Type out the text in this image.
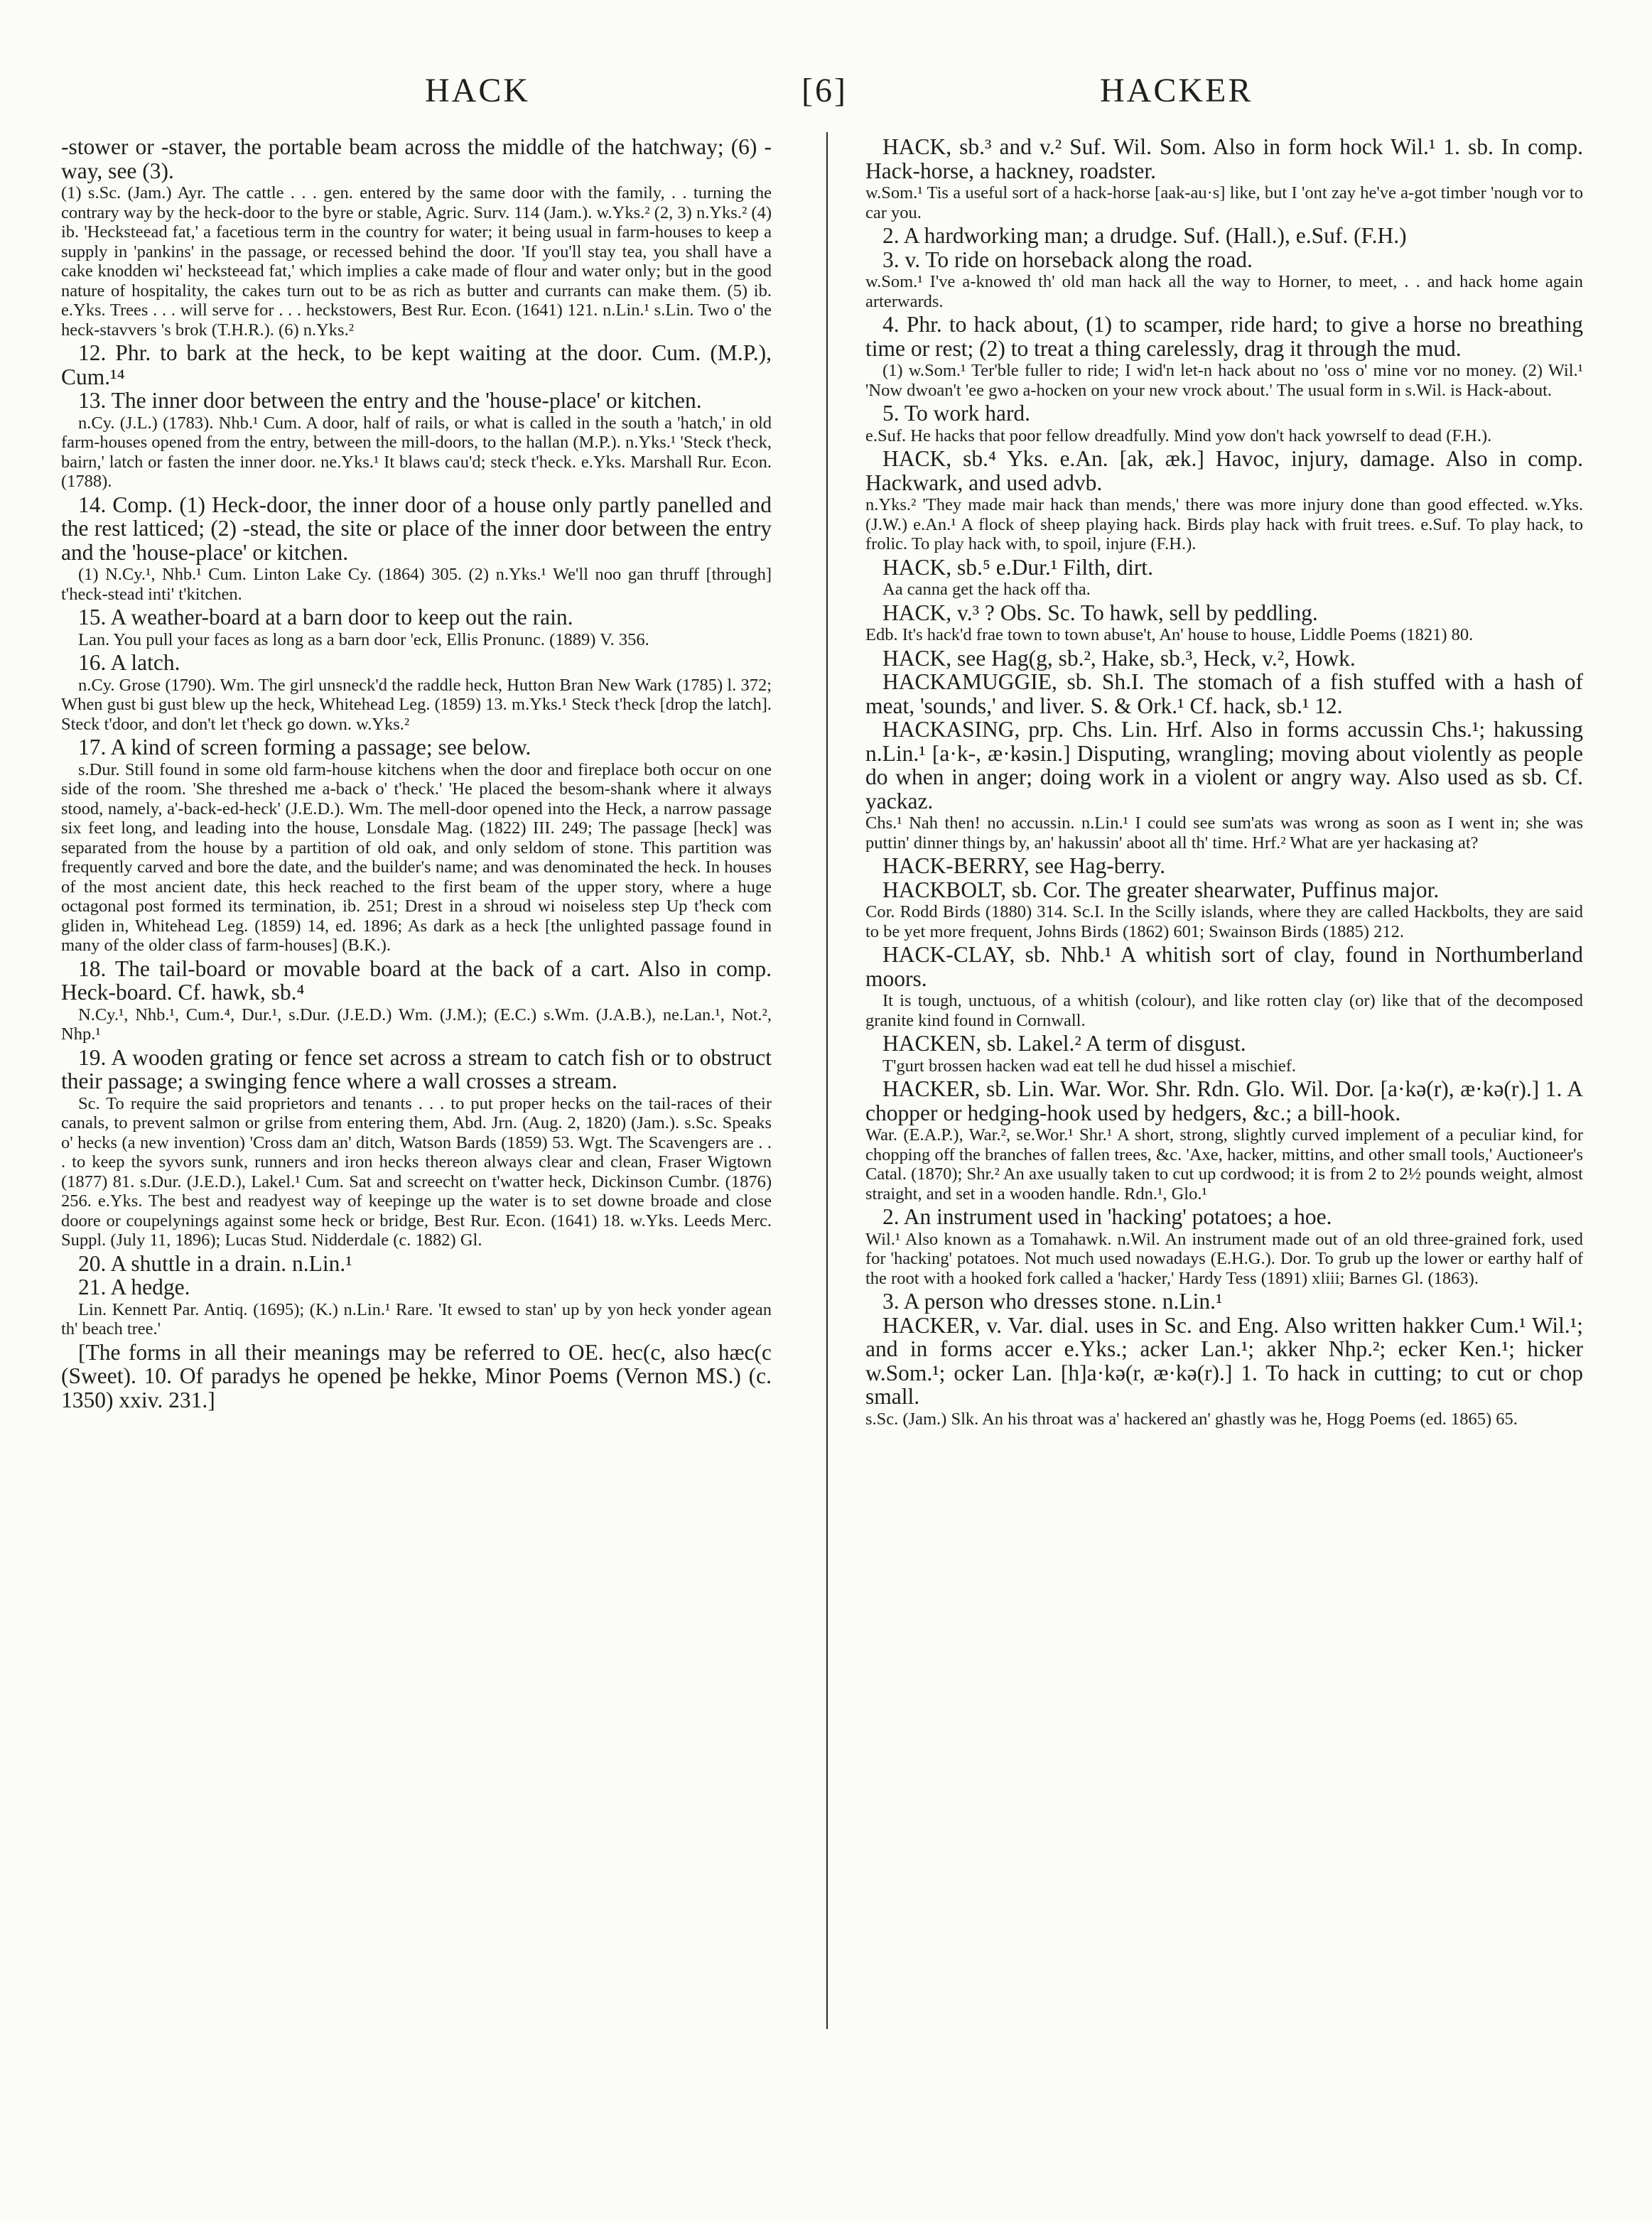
HACK	[6]	HACKER

-stower or -staver, the portable beam across the middle of the hatchway; (6) -way, see (3).

(1) s.Sc. (Jam.) Ayr. The cattle . . . gen. entered by the same door with the family, . . turning the contrary way by the heck-door to the byre or stable, Agric. Surv. 114 (Jam.). w.Yks.² (2, 3) n.Yks.² (4) ib. 'Hecksteead fat,' a facetious term in the country for water; it being usual in farm-houses to keep a supply in 'pankins' in the passage, or recessed behind the door. 'If you'll stay tea, you shall have a cake knodden wi' hecksteead fat,' which implies a cake made of flour and water only; but in the good nature of hospitality, the cakes turn out to be as rich as butter and currants can make them. (5) ib. e.Yks. Trees . . . will serve for . . . heckstowers, Best Rur. Econ. (1641) 121. n.Lin.¹ s.Lin. Two o' the heck-stavvers 's brok (T.H.R.). (6) n.Yks.²

12. Phr. to bark at the heck, to be kept waiting at the door. Cum. (M.P.), Cum.¹⁴

13. The inner door between the entry and the 'house-place' or kitchen.

n.Cy. (J.L.) (1783). Nhb.¹ Cum. A door, half of rails, or what is called in the south a 'hatch,' in old farm-houses opened from the entry, between the mill-doors, to the hallan (M.P.). n.Yks.¹ 'Steck t'heck, bairn,' latch or fasten the inner door. ne.Yks.¹ It blaws cau'd; steck t'heck. e.Yks. Marshall Rur. Econ. (1788).

14. Comp. (1) Heck-door, the inner door of a house only partly panelled and the rest latticed; (2) -stead, the site or place of the inner door between the entry and the 'house-place' or kitchen.

(1) N.Cy.¹, Nhb.¹ Cum. Linton Lake Cy. (1864) 305. (2) n.Yks.¹ We'll noo gan thruff [through] t'heck-stead inti' t'kitchen.

15. A weather-board at a barn door to keep out the rain.

Lan. You pull your faces as long as a barn door 'eck, Ellis Pronunc. (1889) V. 356.

16. A latch.

n.Cy. Grose (1790). Wm. The girl unsneck'd the raddle heck, Hutton Bran New Wark (1785) l. 372; When gust bi gust blew up the heck, Whitehead Leg. (1859) 13. m.Yks.¹ Steck t'heck [drop the latch]. Steck t'door, and don't let t'heck go down. w.Yks.²

17. A kind of screen forming a passage; see below.

s.Dur. Still found in some old farm-house kitchens when the door and fireplace both occur on one side of the room. 'She threshed me a-back o' t'heck.' 'He placed the besom-shank where it always stood, namely, a'-back-ed-heck' (J.E.D.). Wm. The mell-door opened into the Heck, a narrow passage six feet long, and leading into the house, Lonsdale Mag. (1822) III. 249; The passage [heck] was separated from the house by a partition of old oak, and only seldom of stone. This partition was frequently carved and bore the date, and the builder's name; and was denominated the heck. In houses of the most ancient date, this heck reached to the first beam of the upper story, where a huge octagonal post formed its termination, ib. 251; Drest in a shroud wi noiseless step Up t'heck com gliden in, Whitehead Leg. (1859) 14, ed. 1896; As dark as a heck [the unlighted passage found in many of the older class of farm-houses] (B.K.).

18. The tail-board or movable board at the back of a cart. Also in comp. Heck-board. Cf. hawk, sb.⁴

N.Cy.¹, Nhb.¹, Cum.⁴, Dur.¹, s.Dur. (J.E.D.) Wm. (J.M.); (E.C.) s.Wm. (J.A.B.), ne.Lan.¹, Not.², Nhp.¹

19. A wooden grating or fence set across a stream to catch fish or to obstruct their passage; a swinging fence where a wall crosses a stream.

Sc. To require the said proprietors and tenants . . . to put proper hecks on the tail-races of their canals, to prevent salmon or grilse from entering them, Abd. Jrn. (Aug. 2, 1820) (Jam.). s.Sc. Speaks o' hecks (a new invention) 'Cross dam an' ditch, Watson Bards (1859) 53. Wgt. The Scavengers are . . . to keep the syvors sunk, runners and iron hecks thereon always clear and clean, Fraser Wigtown (1877) 81. s.Dur. (J.E.D.), Lakel.¹ Cum. Sat and screecht on t'watter heck, Dickinson Cumbr. (1876) 256. e.Yks. The best and readyest way of keepinge up the water is to set downe broade and close doore or coupelynings against some heck or bridge, Best Rur. Econ. (1641) 18. w.Yks. Leeds Merc. Suppl. (July 11, 1896); Lucas Stud. Nidderdale (c. 1882) Gl.

20. A shuttle in a drain. n.Lin.¹

21. A hedge.

Lin. Kennett Par. Antiq. (1695); (K.) n.Lin.¹ Rare. 'It ewsed to stan' up by yon heck yonder agean th' beach tree.'

[The forms in all their meanings may be referred to OE. hec(c, also hæc(c (Sweet). 10. Of paradys he opened þe hekke, Minor Poems (Vernon MS.) (c. 1350) xxiv. 231.]

HACK, sb.³ and v.² Suf. Wil. Som. Also in form hock Wil.¹ 1. sb. In comp. Hack-horse, a hackney, roadster.

w.Som.¹ Tis a useful sort of a hack-horse [aak-au·s] like, but I 'ont zay he've a-got timber 'nough vor to car you.

2. A hardworking man; a drudge. Suf. (Hall.), e.Suf. (F.H.)

3. v. To ride on horseback along the road.

w.Som.¹ I've a-knowed th' old man hack all the way to Horner, to meet, . . and hack home again arterwards.

4. Phr. to hack about, (1) to scamper, ride hard; to give a horse no breathing time or rest; (2) to treat a thing carelessly, drag it through the mud.

(1) w.Som.¹ Ter'ble fuller to ride; I wid'n let-n hack about no 'oss o' mine vor no money. (2) Wil.¹ 'Now dwoan't 'ee gwo a-hocken on your new vrock about.' The usual form in s.Wil. is Hack-about.

5. To work hard.

e.Suf. He hacks that poor fellow dreadfully. Mind yow don't hack yowrself to dead (F.H.).

HACK, sb.⁴ Yks. e.An. [ak, æk.] Havoc, injury, damage. Also in comp. Hackwark, and used advb.

n.Yks.² 'They made mair hack than mends,' there was more injury done than good effected. w.Yks. (J.W.) e.An.¹ A flock of sheep playing hack. Birds play hack with fruit trees. e.Suf. To play hack, to frolic. To play hack with, to spoil, injure (F.H.).

HACK, sb.⁵ e.Dur.¹ Filth, dirt.

Aa canna get the hack off tha.

HACK, v.³ ? Obs. Sc. To hawk, sell by peddling.

Edb. It's hack'd frae town to town abuse't, An' house to house, Liddle Poems (1821) 80.

HACK, see Hag(g, sb.², Hake, sb.³, Heck, v.², Howk.

HACKAMUGGIE, sb. Sh.I. The stomach of a fish stuffed with a hash of meat, 'sounds,' and liver. S. & Ork.¹ Cf. hack, sb.¹ 12.

HACKASING, prp. Chs. Lin. Hrf. Also in forms accussin Chs.¹; hakussing n.Lin.¹ [a·k-, æ·kəsin.] Disputing, wrangling; moving about violently as people do when in anger; doing work in a violent or angry way. Also used as sb. Cf. yackaz.

Chs.¹ Nah then! no accussin. n.Lin.¹ I could see sum'ats was wrong as soon as I went in; she was puttin' dinner things by, an' hakussin' aboot all th' time. Hrf.² What are yer hackasing at?

HACK-BERRY, see Hag-berry.

HACKBOLT, sb. Cor. The greater shearwater, Puffinus major.

Cor. Rodd Birds (1880) 314. Sc.I. In the Scilly islands, where they are called Hackbolts, they are said to be yet more frequent, Johns Birds (1862) 601; Swainson Birds (1885) 212.

HACK-CLAY, sb. Nhb.¹ A whitish sort of clay, found in Northumberland moors.

It is tough, unctuous, of a whitish (colour), and like rotten clay (or) like that of the decomposed granite kind found in Cornwall.

HACKEN, sb. Lakel.² A term of disgust.

T'gurt brossen hacken wad eat tell he dud hissel a mischief.

HACKER, sb. Lin. War. Wor. Shr. Rdn. Glo. Wil. Dor. [a·kə(r), æ·kə(r).] 1. A chopper or hedging-hook used by hedgers, &c.; a bill-hook.

War. (E.A.P.), War.², se.Wor.¹ Shr.¹ A short, strong, slightly curved implement of a peculiar kind, for chopping off the branches of fallen trees, &c. 'Axe, hacker, mittins, and other small tools,' Auctioneer's Catal. (1870); Shr.² An axe usually taken to cut up cordwood; it is from 2 to 2½ pounds weight, almost straight, and set in a wooden handle. Rdn.¹, Glo.¹

2. An instrument used in 'hacking' potatoes; a hoe.

Wil.¹ Also known as a Tomahawk. n.Wil. An instrument made out of an old three-grained fork, used for 'hacking' potatoes. Not much used nowadays (E.H.G.). Dor. To grub up the lower or earthy half of the root with a hooked fork called a 'hacker,' Hardy Tess (1891) xliii; Barnes Gl. (1863).

3. A person who dresses stone. n.Lin.¹

HACKER, v. Var. dial. uses in Sc. and Eng. Also written hakker Cum.¹ Wil.¹; and in forms accer e.Yks.; acker Lan.¹; akker Nhp.²; ecker Ken.¹; hicker w.Som.¹; ocker Lan. [h]a·kə(r, æ·kə(r).] 1. To hack in cutting; to cut or chop small.

s.Sc. (Jam.) Slk. An his throat was a' hackered an' ghastly was he, Hogg Poems (ed. 1865) 65.
